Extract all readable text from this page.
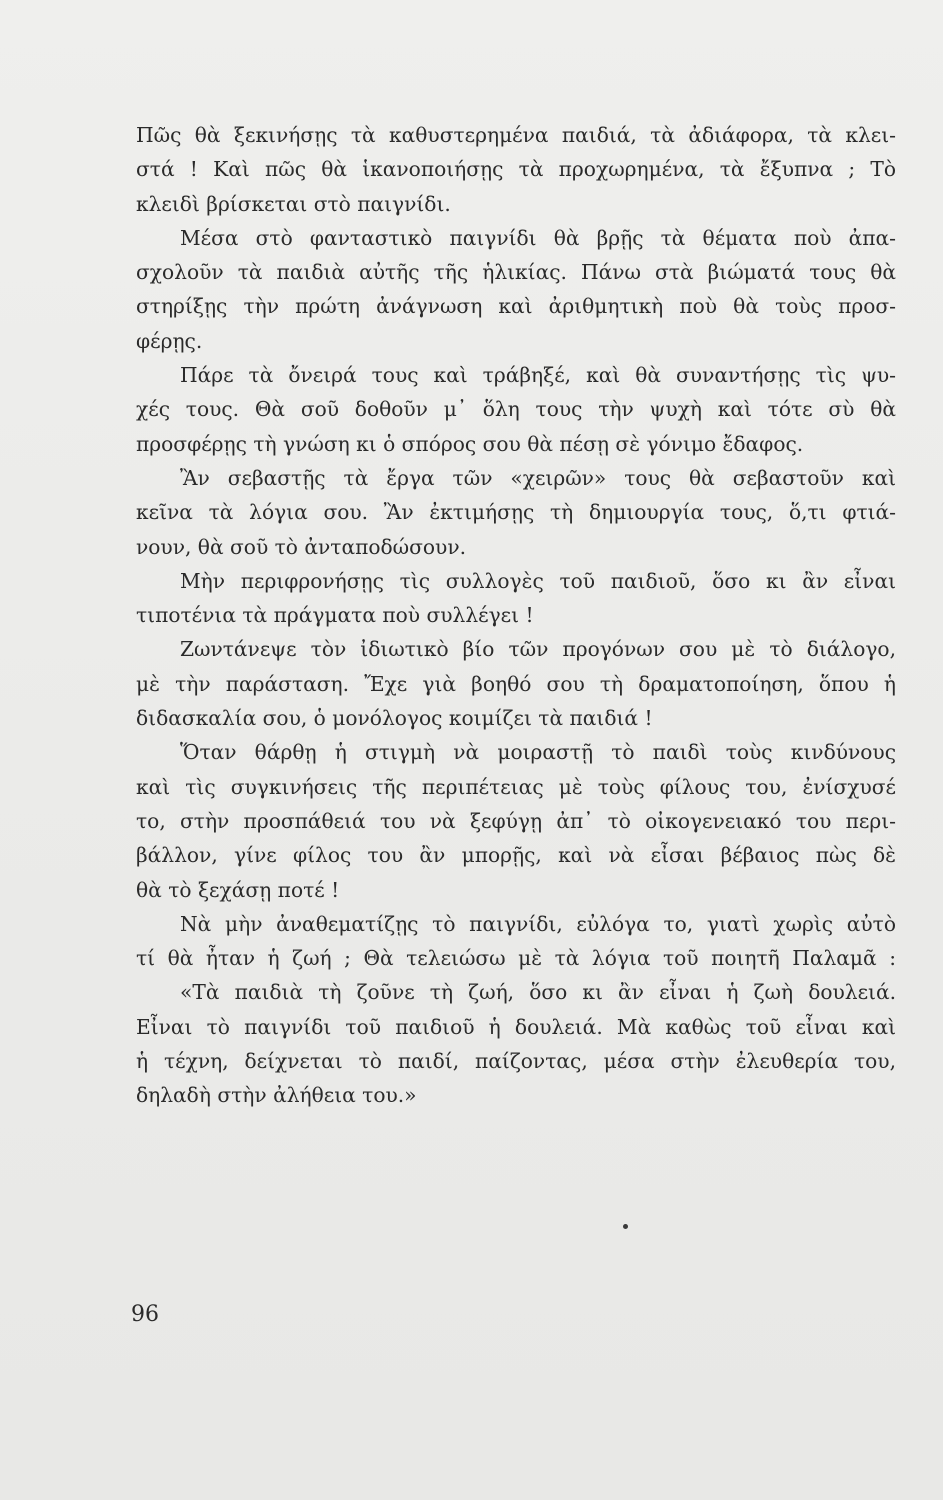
Πῶς θὰ ξεκινήσῃς τὰ καθυστερημένα παιδιά, τὰ ἀδιάφορα, τὰ κλει-
στά ! Καὶ πῶς θὰ ἱκανοποιήσῃς τὰ προχωρημένα, τὰ ἔξυπνα ; Τὸ
κλειδὶ βρίσκεται στὸ παιγνίδι.
Μέσα στὸ φανταστικὸ παιγνίδι θὰ βρῇς τὰ θέματα ποὺ ἀπα-
σχολοῦν τὰ παιδιὰ αὐτῆς τῆς ἡλικίας. Πάνω στὰ βιώματά τους θὰ
στηρίξῃς τὴν πρώτη ἀνάγνωση καὶ ἀριθμητικὴ ποὺ θὰ τοὺς προσ-
φέρῃς.
Πάρε τὰ ὄνειρά τους καὶ τράβηξέ, καὶ θὰ συναντήσῃς τὶς ψυ-
χές τους. Θὰ σοῦ δοθοῦν μ᾽ ὅλη τους τὴν ψυχὴ καὶ τότε σὺ θὰ
προσφέρῃς τὴ γνώση κι ὁ σπόρος σου θὰ πέσῃ σὲ γόνιμο ἔδαφος.
Ἂν σεβαστῇς τὰ ἔργα τῶν «χειρῶν» τους θὰ σεβαστοῦν καὶ
κεῖνα τὰ λόγια σου. Ἂν ἐκτιμήσῃς τὴ δημιουργία τους, ὅ,τι φτιά-
νουν, θὰ σοῦ τὸ ἀνταποδώσουν.
Μὴν περιφρονήσῃς τὶς συλλογὲς τοῦ παιδιοῦ, ὅσο κι ἂν εἶναι
τιποτένια τὰ πράγματα ποὺ συλλέγει !
Ζωντάνεψε τὸν ἰδιωτικὸ βίο τῶν προγόνων σου μὲ τὸ διάλογο,
μὲ τὴν παράσταση. Ἔχε γιὰ βοηθό σου τὴ δραματοποίηση, ὅπου ἡ
διδασκαλία σου, ὁ μονόλογος κοιμίζει τὰ παιδιά !
Ὅταν θάρθῃ ἡ στιγμὴ νὰ μοιραστῇ τὸ παιδὶ τοὺς κινδύνους
καὶ τὶς συγκινήσεις τῆς περιπέτειας μὲ τοὺς φίλους του, ἐνίσχυσέ
το, στὴν προσπάθειά του νὰ ξεφύγῃ ἀπ᾽ τὸ οἰκογενειακό του περι-
βάλλον, γίνε φίλος του ἂν μπορῇς, καὶ νὰ εἶσαι βέβαιος πὼς δὲ
θὰ τὸ ξεχάσῃ ποτέ !
Νὰ μὴν ἀναθεματίζῃς τὸ παιγνίδι, εὐλόγα το, γιατὶ χωρὶς αὐτὸ
τί θὰ ἦταν ἡ ζωή ; Θὰ τελειώσω μὲ τὰ λόγια τοῦ ποιητῆ Παλαμᾶ :
«Τὰ παιδιὰ τὴ ζοῦνε τὴ ζωή, ὅσο κι ἂν εἶναι ἡ ζωὴ δουλειά.
Εἶναι τὸ παιγνίδι τοῦ παιδιοῦ ἡ δουλειά. Μὰ καθὼς τοῦ εἶναι καὶ
ἡ τέχνη, δείχνεται τὸ παιδί, παίζοντας, μέσα στὴν ἐλευθερία του,
δηλαδὴ στὴν ἀλήθεια του.»
96
